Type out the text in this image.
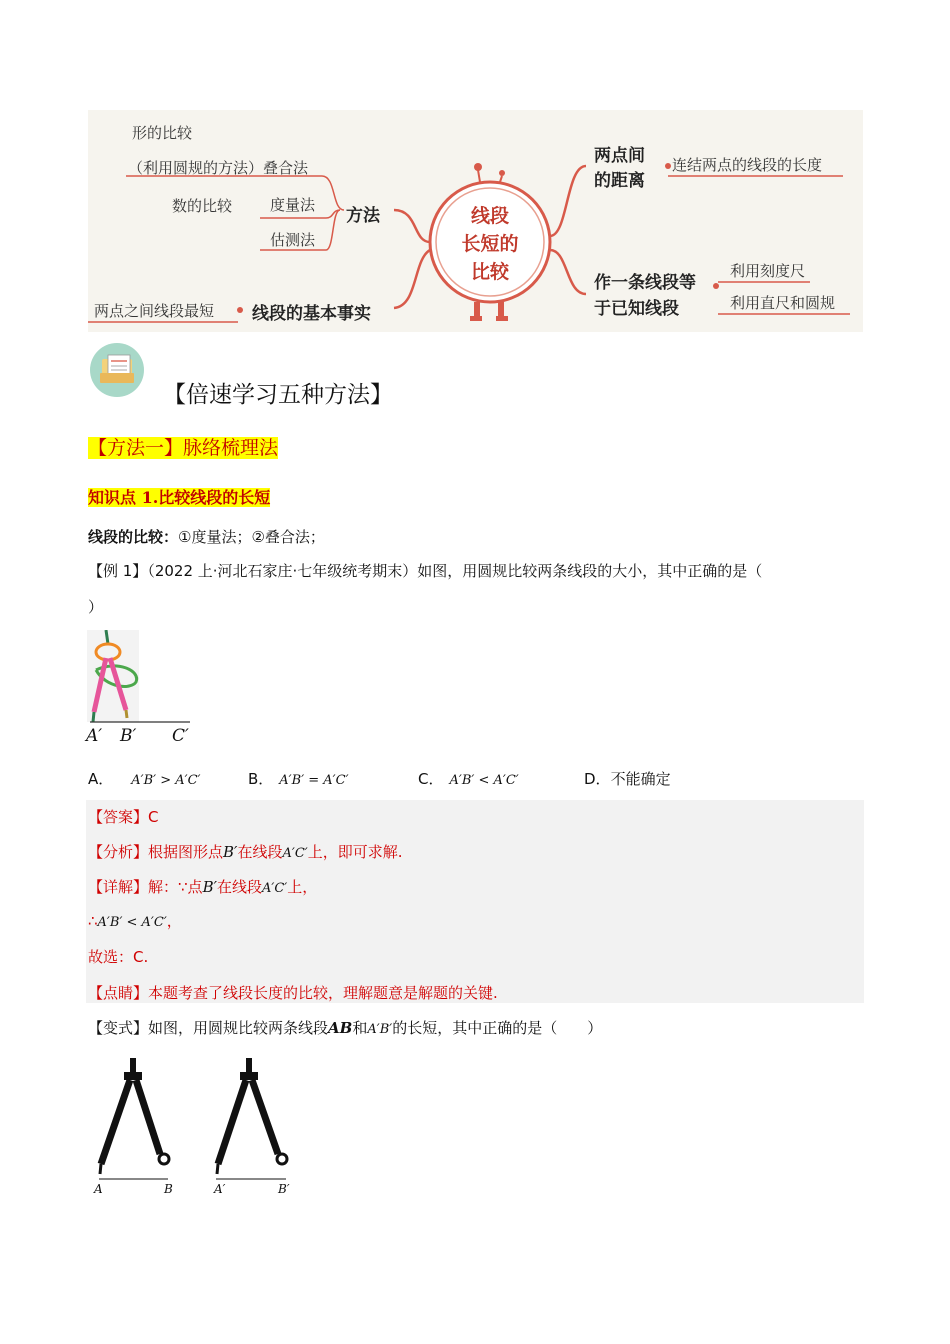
形的比较
（利用圆规的方法）叠合法
数的比较	度量法
估测法
方法
两点之间线段最短 线段的基本事实
线段
长短的
比较
两点间
的距离
连结两点的线段的长度
作一条线段等
于已知线段
利用刻度尺
利用直尺和圆规
【倍速学习五种方法】
【方法一】脉络梳理法
知识点 1.比较线段的长短
线段的比较：①度量法；②叠合法；
【例 1】（2022 上·河北石家庄·七年级统考期末）如图，用圆规比较两条线段的大小，其中正确的是（
）
A′ B′ C′
A． A′B′ > A′C′	B． A′B′ = A′C′	C． A′B′ < A′C′	D．不能确定
【答案】C
【分析】根据图形点B′在线段A′C′上，即可求解.
【详解】解：∵点B′在线段A′C′上，
∴A′B′ < A′C′，
故选：C.
【点睛】本题考查了线段长度的比较，理解题意是解题的关键.
【变式】如图，用圆规比较两条线段AB和A′B′的长短，其中正确的是（　　）
A	B	A′	B′
